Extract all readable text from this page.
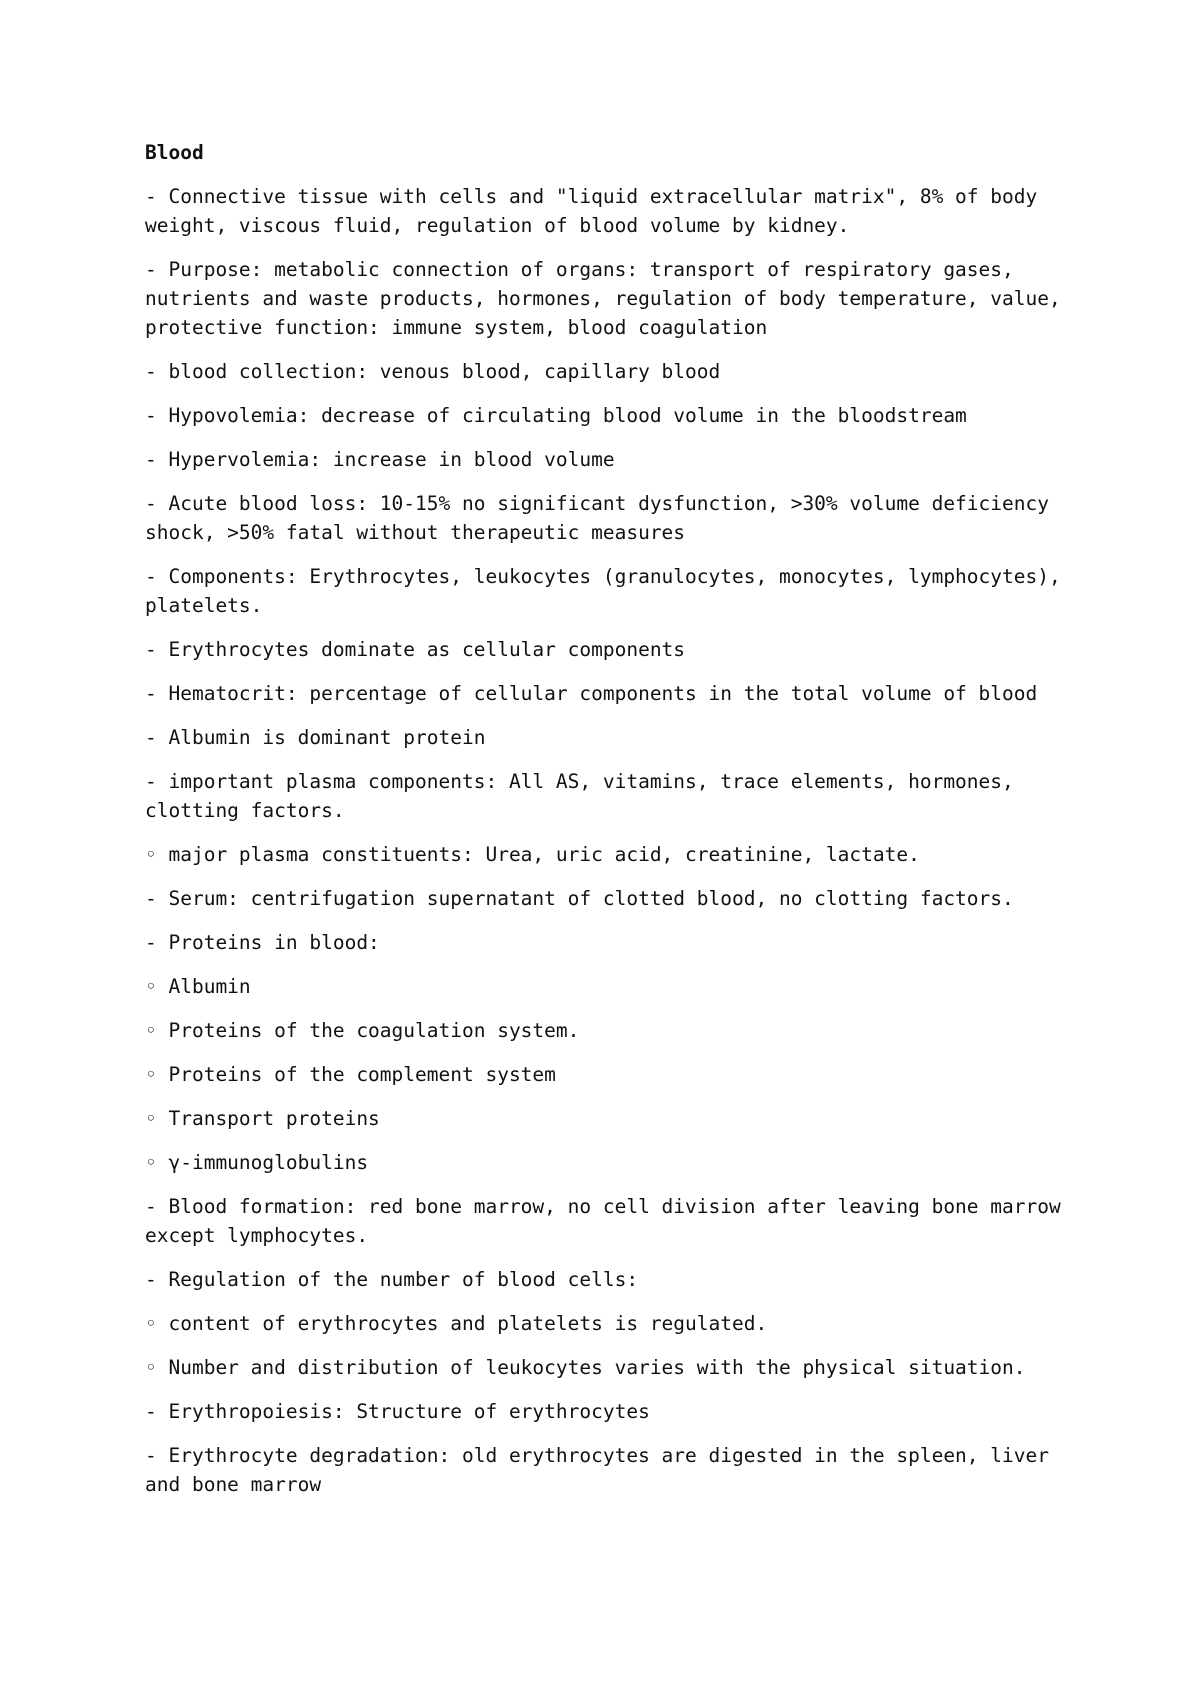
Blood
- Connective tissue with cells and "liquid extracellular matrix", 8% of body weight, viscous fluid, regulation of blood volume by kidney.
- Purpose: metabolic connection of organs: transport of respiratory gases, nutrients and waste products, hormones, regulation of body temperature, value, protective function: immune system, blood coagulation
- blood collection: venous blood, capillary blood
- Hypovolemia: decrease of circulating blood volume in the bloodstream
- Hypervolemia: increase in blood volume
- Acute blood loss: 10-15% no significant dysfunction, >30% volume deficiency shock, >50% fatal without therapeutic measures
- Components: Erythrocytes, leukocytes (granulocytes, monocytes, lymphocytes), platelets.
- Erythrocytes dominate as cellular components
- Hematocrit: percentage of cellular components in the total volume of blood
- Albumin is dominant protein
- important plasma components: All AS, vitamins, trace elements, hormones, clotting factors.
◦ major plasma constituents: Urea, uric acid, creatinine, lactate.
- Serum: centrifugation supernatant of clotted blood, no clotting factors.
- Proteins in blood:
◦ Albumin
◦ Proteins of the coagulation system.
◦ Proteins of the complement system
◦ Transport proteins
◦ γ-immunoglobulins
- Blood formation: red bone marrow, no cell division after leaving bone marrow except lymphocytes.
- Regulation of the number of blood cells:
◦ content of erythrocytes and platelets is regulated.
◦ Number and distribution of leukocytes varies with the physical situation.
- Erythropoiesis: Structure of erythrocytes
- Erythrocyte degradation: old erythrocytes are digested in the spleen, liver and bone marrow
